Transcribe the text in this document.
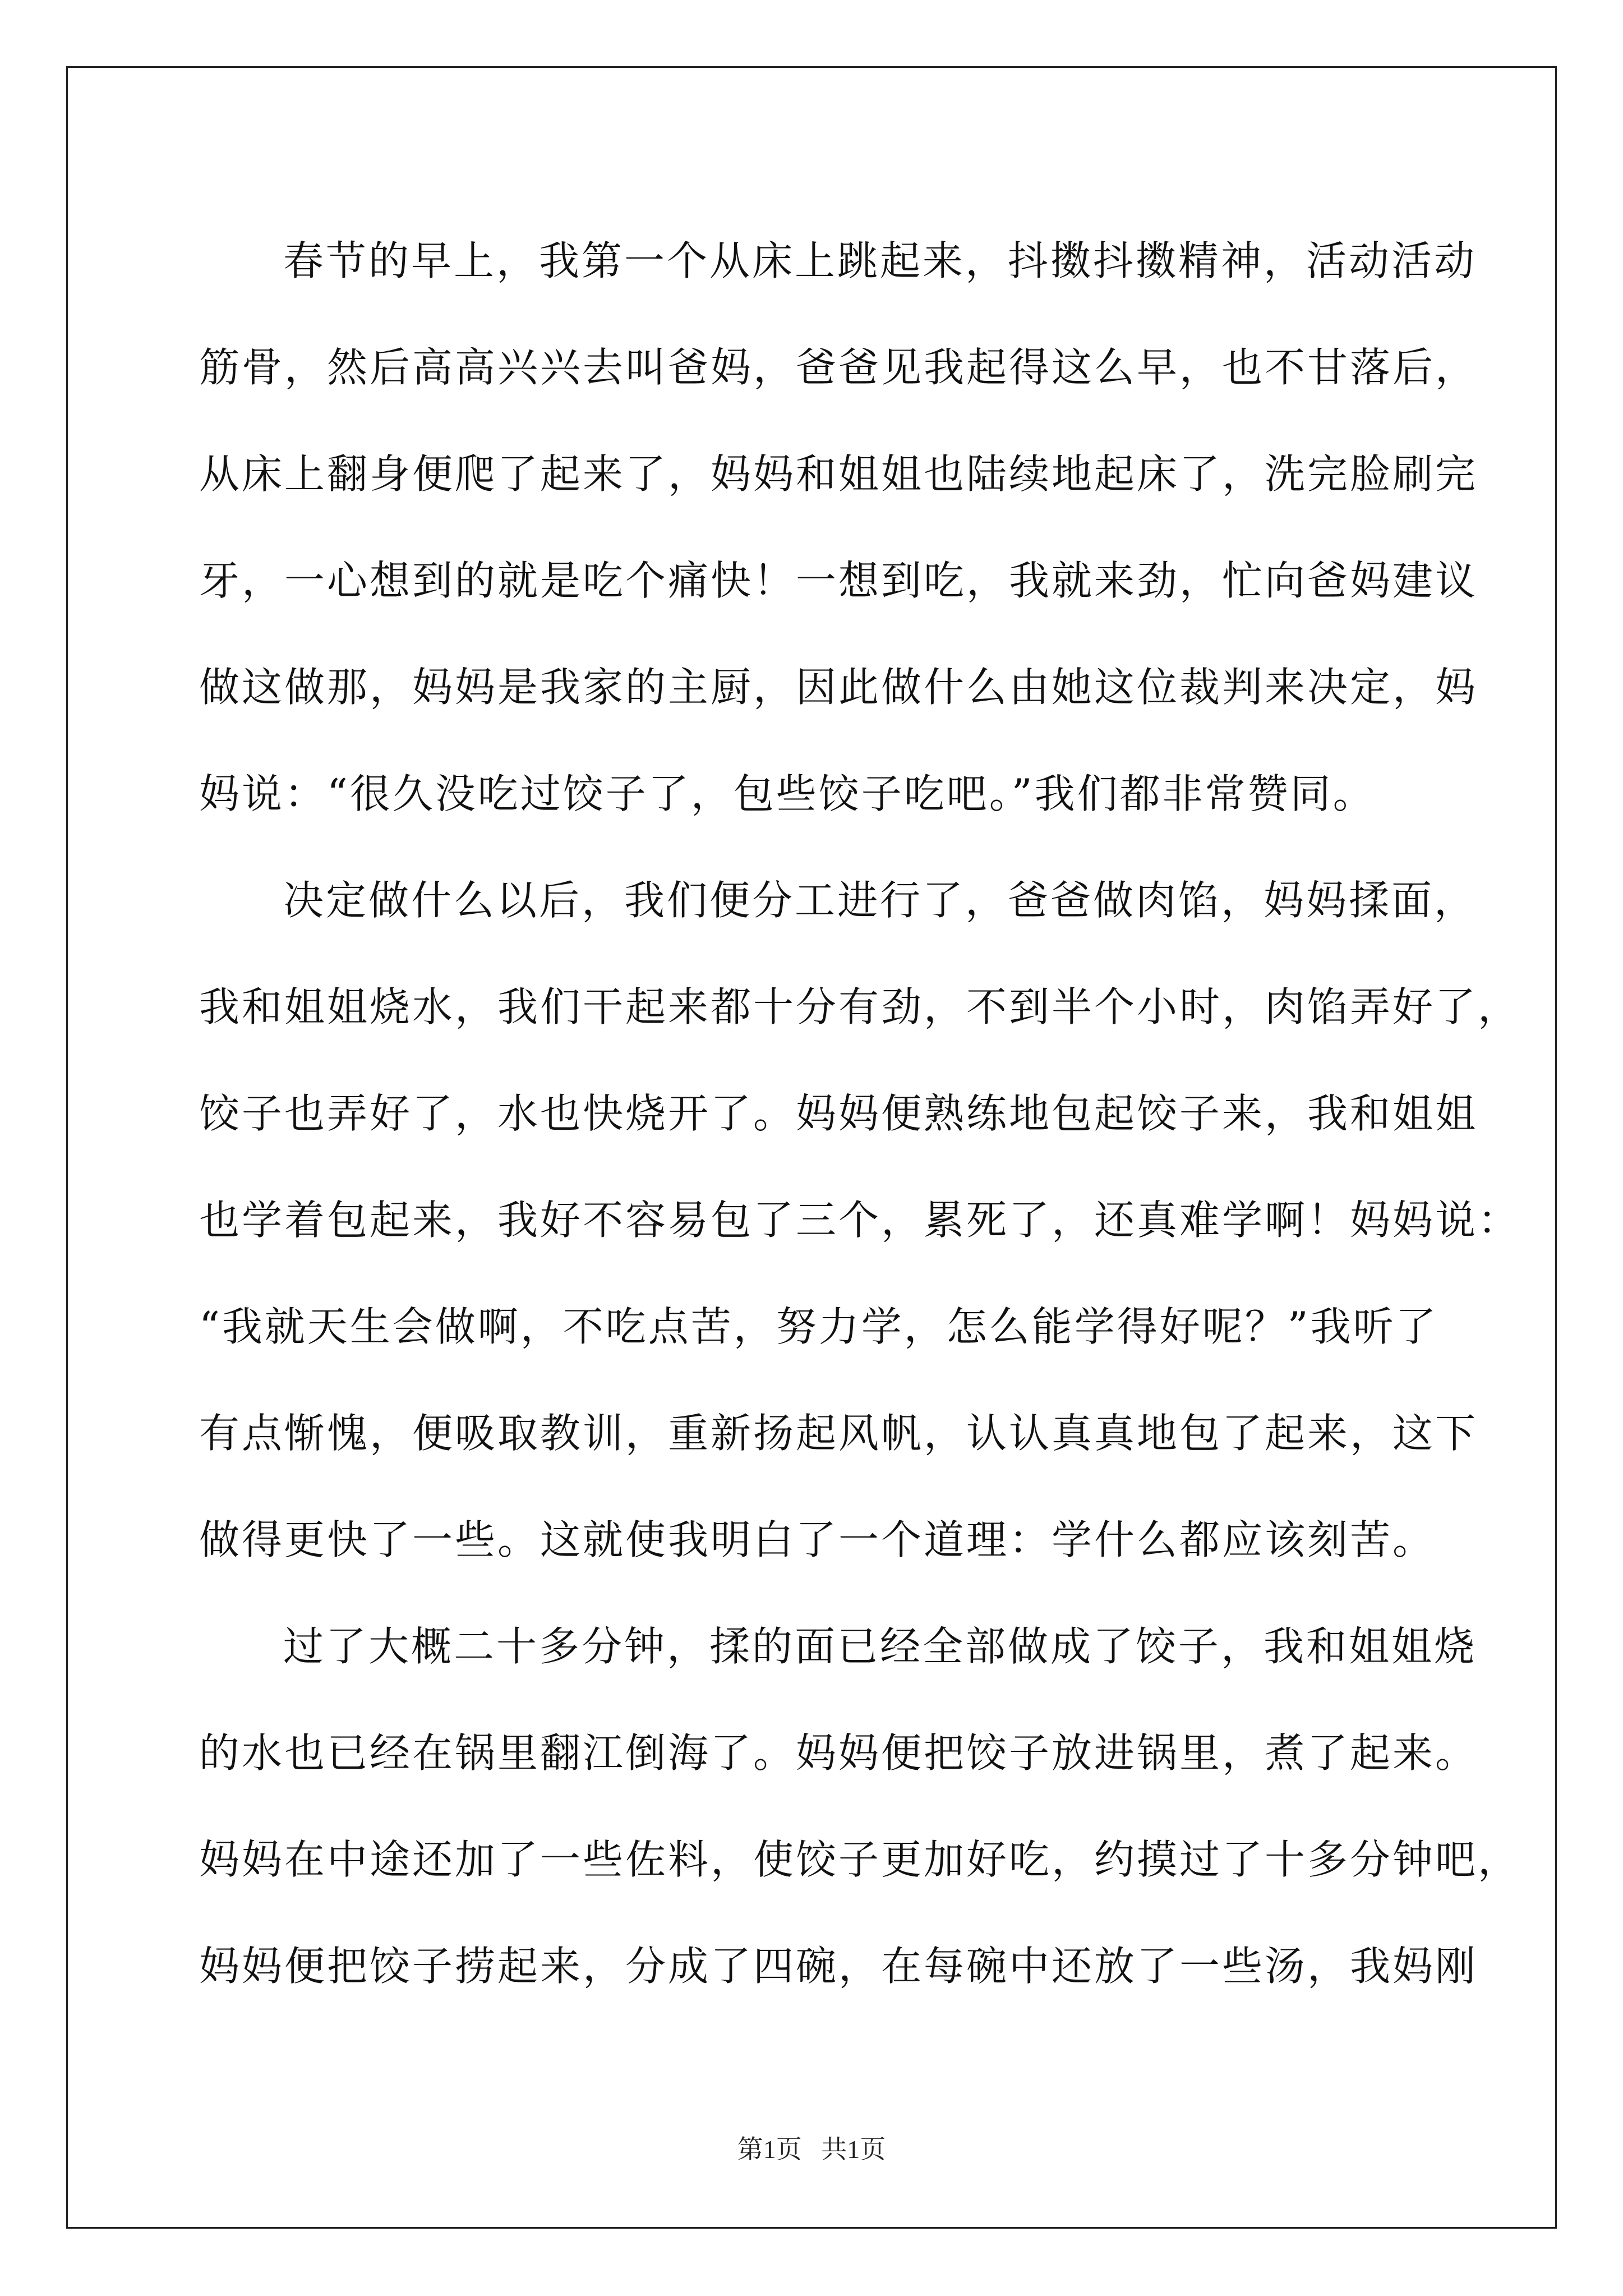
春节的早上，我第一个从床上跳起来，抖擞抖擞精神，活动活动
筋骨，然后高高兴兴去叫爸妈，爸爸见我起得这么早，也不甘落后，
从床上翻身便爬了起来了，妈妈和姐姐也陆续地起床了，洗完脸刷完
牙，一心想到的就是吃个痛快！一想到吃，我就来劲，忙向爸妈建议
做这做那，妈妈是我家的主厨，因此做什么由她这位裁判来决定，妈
妈说：“很久没吃过饺子了，包些饺子吃吧。”我们都非常赞同。
决定做什么以后，我们便分工进行了，爸爸做肉馅，妈妈揉面，
我和姐姐烧水，我们干起来都十分有劲，不到半个小时，肉馅弄好了，
饺子也弄好了，水也快烧开了。妈妈便熟练地包起饺子来，我和姐姐
也学着包起来，我好不容易包了三个，累死了，还真难学啊！妈妈说：
“我就天生会做啊，不吃点苦，努力学，怎么能学得好呢？”我听了
有点惭愧，便吸取教训，重新扬起风帆，认认真真地包了起来，这下
做得更快了一些。这就使我明白了一个道理：学什么都应该刻苦。
过了大概二十多分钟，揉的面已经全部做成了饺子，我和姐姐烧
的水也已经在锅里翻江倒海了。妈妈便把饺子放进锅里，煮了起来。
妈妈在中途还加了一些佐料，使饺子更加好吃，约摸过了十多分钟吧，
妈妈便把饺子捞起来，分成了四碗，在每碗中还放了一些汤，我妈刚
第1页 共1页
